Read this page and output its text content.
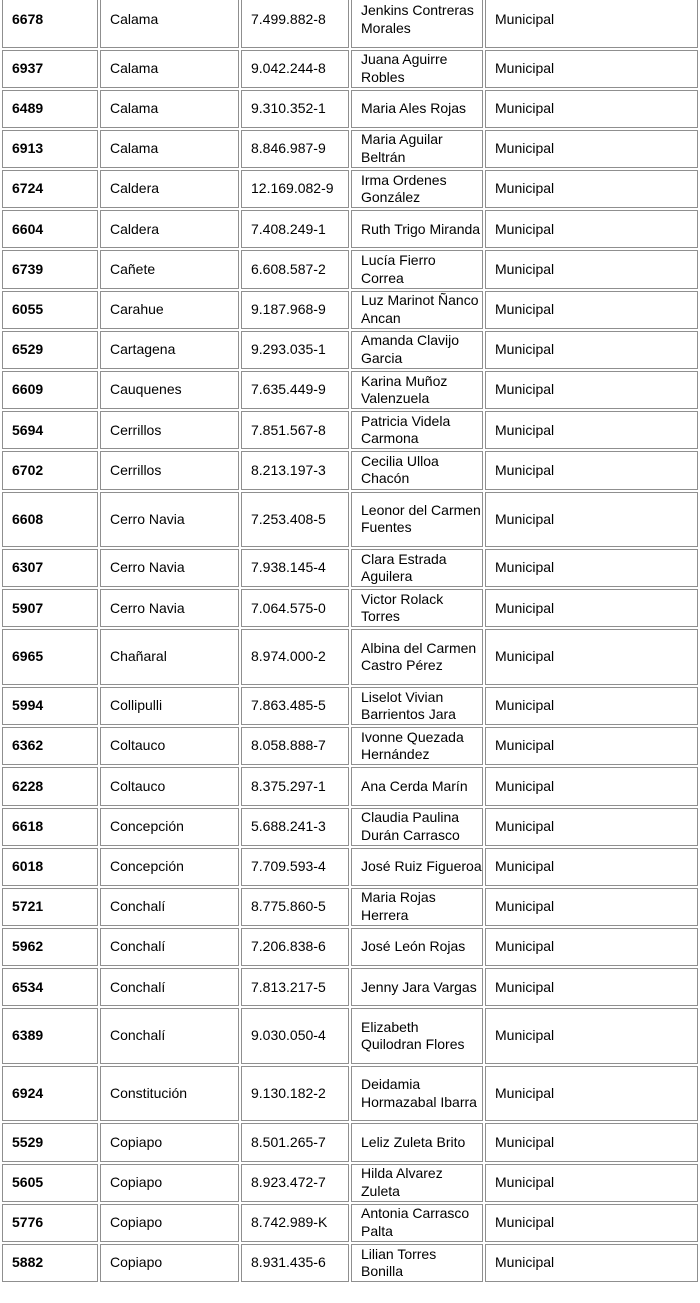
6678	Calama	7.499.882-8	Jenkins Contreras Morales	Municipal
6937	Calama	9.042.244-8	Juana Aguirre Robles	Municipal
6489	Calama	9.310.352-1	Maria Ales Rojas	Municipal
6913	Calama	8.846.987-9	Maria Aguilar Beltrán	Municipal
6724	Caldera	12.169.082-9	Irma Ordenes González	Municipal
6604	Caldera	7.408.249-1	Ruth Trigo Miranda	Municipal
6739	Cañete	6.608.587-2	Lucía Fierro Correa	Municipal
6055	Carahue	9.187.968-9	Luz Marinot Ñanco Ancan	Municipal
6529	Cartagena	9.293.035-1	Amanda Clavijo Garcia	Municipal
6609	Cauquenes	7.635.449-9	Karina Muñoz Valenzuela	Municipal
5694	Cerrillos	7.851.567-8	Patricia Videla Carmona	Municipal
6702	Cerrillos	8.213.197-3	Cecilia Ulloa Chacón	Municipal
6608	Cerro Navia	7.253.408-5	Leonor del Carmen Fuentes	Municipal
6307	Cerro Navia	7.938.145-4	Clara Estrada Aguilera	Municipal
5907	Cerro Navia	7.064.575-0	Victor Rolack Torres	Municipal
6965	Chañaral	8.974.000-2	Albina del Carmen Castro Pérez	Municipal
5994	Collipulli	7.863.485-5	Liselot Vivian Barrientos Jara	Municipal
6362	Coltauco	8.058.888-7	Ivonne Quezada Hernández	Municipal
6228	Coltauco	8.375.297-1	Ana Cerda Marín	Municipal
6618	Concepción	5.688.241-3	Claudia Paulina Durán Carrasco	Municipal
6018	Concepción	7.709.593-4	José Ruiz Figueroa	Municipal
5721	Conchalí	8.775.860-5	Maria Rojas Herrera	Municipal
5962	Conchalí	7.206.838-6	José León Rojas	Municipal
6534	Conchalí	7.813.217-5	Jenny Jara Vargas	Municipal
6389	Conchalí	9.030.050-4	Elizabeth Quilodran Flores	Municipal
6924	Constitución	9.130.182-2	Deidamia Hormazabal Ibarra	Municipal
5529	Copiapo	8.501.265-7	Leliz Zuleta Brito	Municipal
5605	Copiapo	8.923.472-7	Hilda Alvarez Zuleta	Municipal
5776	Copiapo	8.742.989-K	Antonia Carrasco Palta	Municipal
5882	Copiapo	8.931.435-6	Lilian Torres Bonilla	Municipal
